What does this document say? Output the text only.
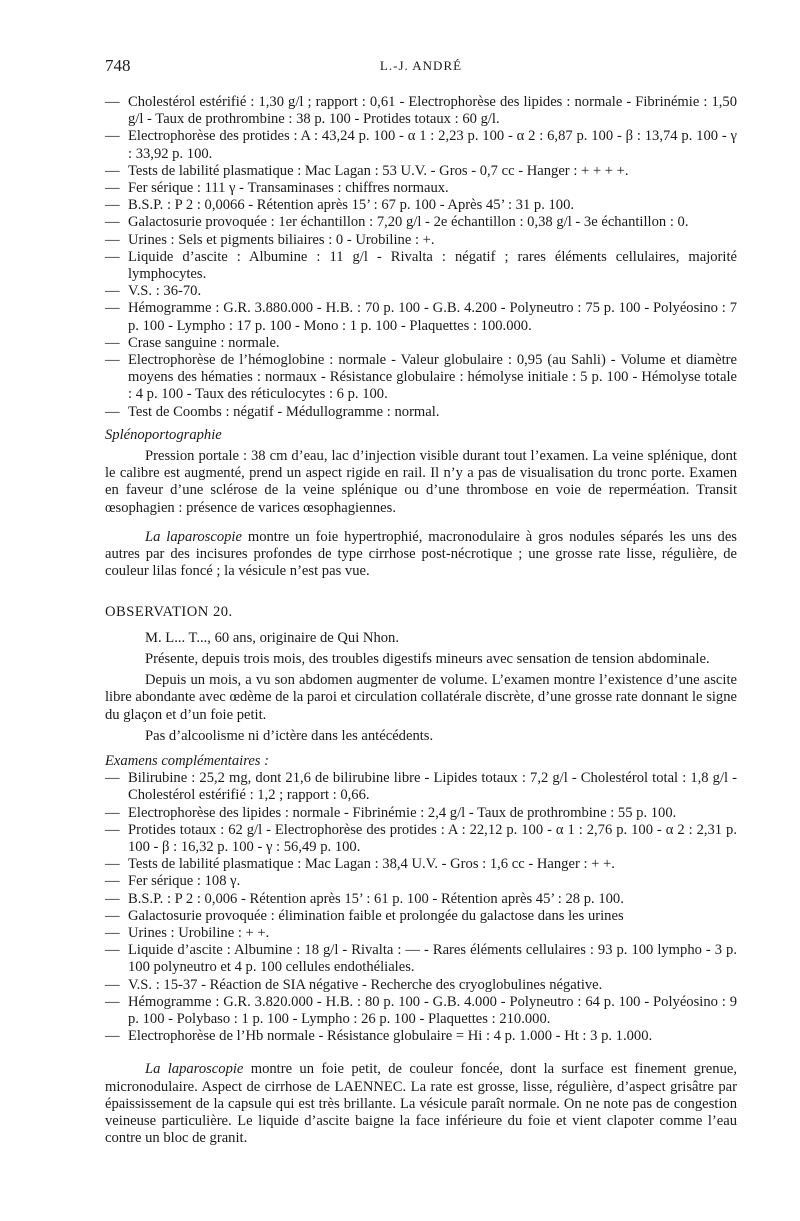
748	L.-J. ANDRÉ
— Cholestérol estérifié : 1,30 g/l ; rapport : 0,61 - Electrophorèse des lipides : normale - Fibrinémie : 1,50 g/l - Taux de prothrombine : 38 p. 100 - Protides totaux : 60 g/l.
— Electrophorèse des protides : A : 43,24 p. 100 - α 1 : 2,23 p. 100 - α 2 : 6,87 p. 100 - β : 13,74 p. 100 - γ : 33,92 p. 100.
— Tests de labilité plasmatique : Mac Lagan : 53 U.V. - Gros - 0,7 cc - Hanger : + + + +.
— Fer sérique : 111 γ - Transaminases : chiffres normaux.
— B.S.P. : P 2 : 0,0066 - Rétention après 15’ : 67 p. 100 - Après 45’ : 31 p. 100.
— Galactosurie provoquée : 1er échantillon : 7,20 g/l - 2e échantillon : 0,38 g/l - 3e échantillon : 0.
— Urines : Sels et pigments biliaires : 0 - Urobiline : +.
— Liquide d’ascite : Albumine : 11 g/l - Rivalta : négatif ; rares éléments cellulaires, majorité lymphocytes.
— V.S. : 36-70.
— Hémogramme : G.R. 3.880.000 - H.B. : 70 p. 100 - G.B. 4.200 - Polyneutro : 75 p. 100 - Polyéosino : 7 p. 100 - Lympho : 17 p. 100 - Mono : 1 p. 100 - Plaquettes : 100.000.
— Crase sanguine : normale.
— Electrophorèse de l’hémoglobine : normale - Valeur globulaire : 0,95 (au Sahli) - Volume et diamètre moyens des hématies : normaux - Résistance globulaire : hémolyse initiale : 5 p. 100 - Hémolyse totale : 4 p. 100 - Taux des réticulocytes : 6 p. 100.
— Test de Coombs : négatif - Médullogramme : normal.
Splénoportographie
Pression portale : 38 cm d’eau, lac d’injection visible durant tout l’examen. La veine splénique, dont le calibre est augmenté, prend un aspect rigide en rail. Il n’y a pas de visualisation du tronc porte. Examen en faveur d’une sclérose de la veine splénique ou d’une thrombose en voie de reperméation. Transit œsophagien : présence de varices œsophagiennes.
La laparoscopie montre un foie hypertrophié, macronodulaire à gros nodules séparés les uns des autres par des incisures profondes de type cirrhose post-nécrotique ; une grosse rate lisse, régulière, de couleur lilas foncé ; la vésicule n’est pas vue.
OBSERVATION 20.
M. L... T..., 60 ans, originaire de Qui Nhon.
Présente, depuis trois mois, des troubles digestifs mineurs avec sensation de tension abdominale.
Depuis un mois, a vu son abdomen augmenter de volume. L’examen montre l’existence d’une ascite libre abondante avec œdème de la paroi et circulation collatérale discrète, d’une grosse rate donnant le signe du glaçon et d’un foie petit.
Pas d’alcoolisme ni d’ictère dans les antécédents.
Examens complémentaires :
— Bilirubine : 25,2 mg, dont 21,6 de bilirubine libre - Lipides totaux : 7,2 g/l - Cholestérol total : 1,8 g/l - Cholestérol estérifié : 1,2 ; rapport : 0,66.
— Electrophorèse des lipides : normale - Fibrinémie : 2,4 g/l - Taux de prothrombine : 55 p. 100.
— Protides totaux : 62 g/l - Electrophorèse des protides : A : 22,12 p. 100 - α 1 : 2,76 p. 100 - α 2 : 2,31 p. 100 - β : 16,32 p. 100 - γ : 56,49 p. 100.
— Tests de labilité plasmatique : Mac Lagan : 38,4 U.V. - Gros : 1,6 cc - Hanger : + +.
— Fer sérique : 108 γ.
— B.S.P. : P 2 : 0,006 - Rétention après 15’ : 61 p. 100 - Rétention après 45’ : 28 p. 100.
— Galactosurie provoquée : élimination faible et prolongée du galactose dans les urines
— Urines : Urobiline : + +.
— Liquide d’ascite : Albumine : 18 g/l - Rivalta : — - Rares éléments cellulaires : 93 p. 100 lympho - 3 p. 100 polyneutro et 4 p. 100 cellules endothéliales.
— V.S. : 15-37 - Réaction de SIA négative - Recherche des cryoglobulines négative.
— Hémogramme : G.R. 3.820.000 - H.B. : 80 p. 100 - G.B. 4.000 - Polyneutro : 64 p. 100 - Polyéosino : 9 p. 100 - Polybaso : 1 p. 100 - Lympho : 26 p. 100 - Plaquettes : 210.000.
— Electrophorèse de l’Hb normale - Résistance globulaire = Hi : 4 p. 1.000 - Ht : 3 p. 1.000.
La laparoscopie montre un foie petit, de couleur foncée, dont la surface est finement grenue, micronodulaire. Aspect de cirrhose de LAENNEC. La rate est grosse, lisse, régulière, d’aspect grisâtre par épaississement de la capsule qui est très brillante. La vésicule paraît normale. On ne note pas de congestion veineuse particulière. Le liquide d’ascite baigne la face inférieure du foie et vient clapoter comme l’eau contre un bloc de granit.
